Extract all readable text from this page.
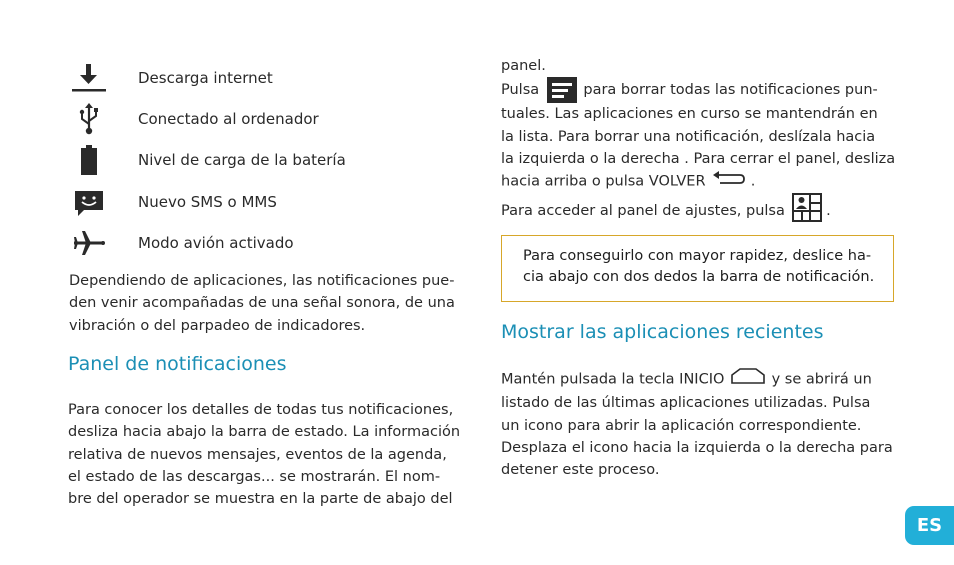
Descarga internet
Conectado al ordenador
Nivel de carga de la batería
Nuevo SMS o MMS
Modo avión activado
Dependiendo de aplicaciones, las notificaciones pue-
den venir acompañadas de una señal sonora, de una
vibración o del parpadeo de indicadores.
Panel de notificaciones
Para conocer los detalles de todas tus notificaciones,
desliza hacia abajo la barra de estado. La información
relativa de nuevos mensajes, eventos de la agenda,
el estado de las descargas... se mostrarán. El nom-
bre del operador se muestra en la parte de abajo del
panel.
Pulsa	para borrar todas las notificaciones pun-
tuales. Las aplicaciones en curso se mantendrán en
la lista. Para borrar una notificación, deslízala hacia
la izquierda o la derecha . Para cerrar el panel, desliza
hacia arriba o pulsa VOLVER	.
Para acceder al panel de ajustes, pulsa	.
Para conseguirlo con mayor rapidez, deslice ha-
cia abajo con dos dedos la barra de notificación.
Mostrar las aplicaciones recientes
Mantén pulsada la tecla INICIO	y se abrirá un
listado de las últimas aplicaciones utilizadas. Pulsa
un icono para abrir la aplicación correspondiente.
Desplaza el icono hacia la izquierda o la derecha para
detener este proceso.
ES
